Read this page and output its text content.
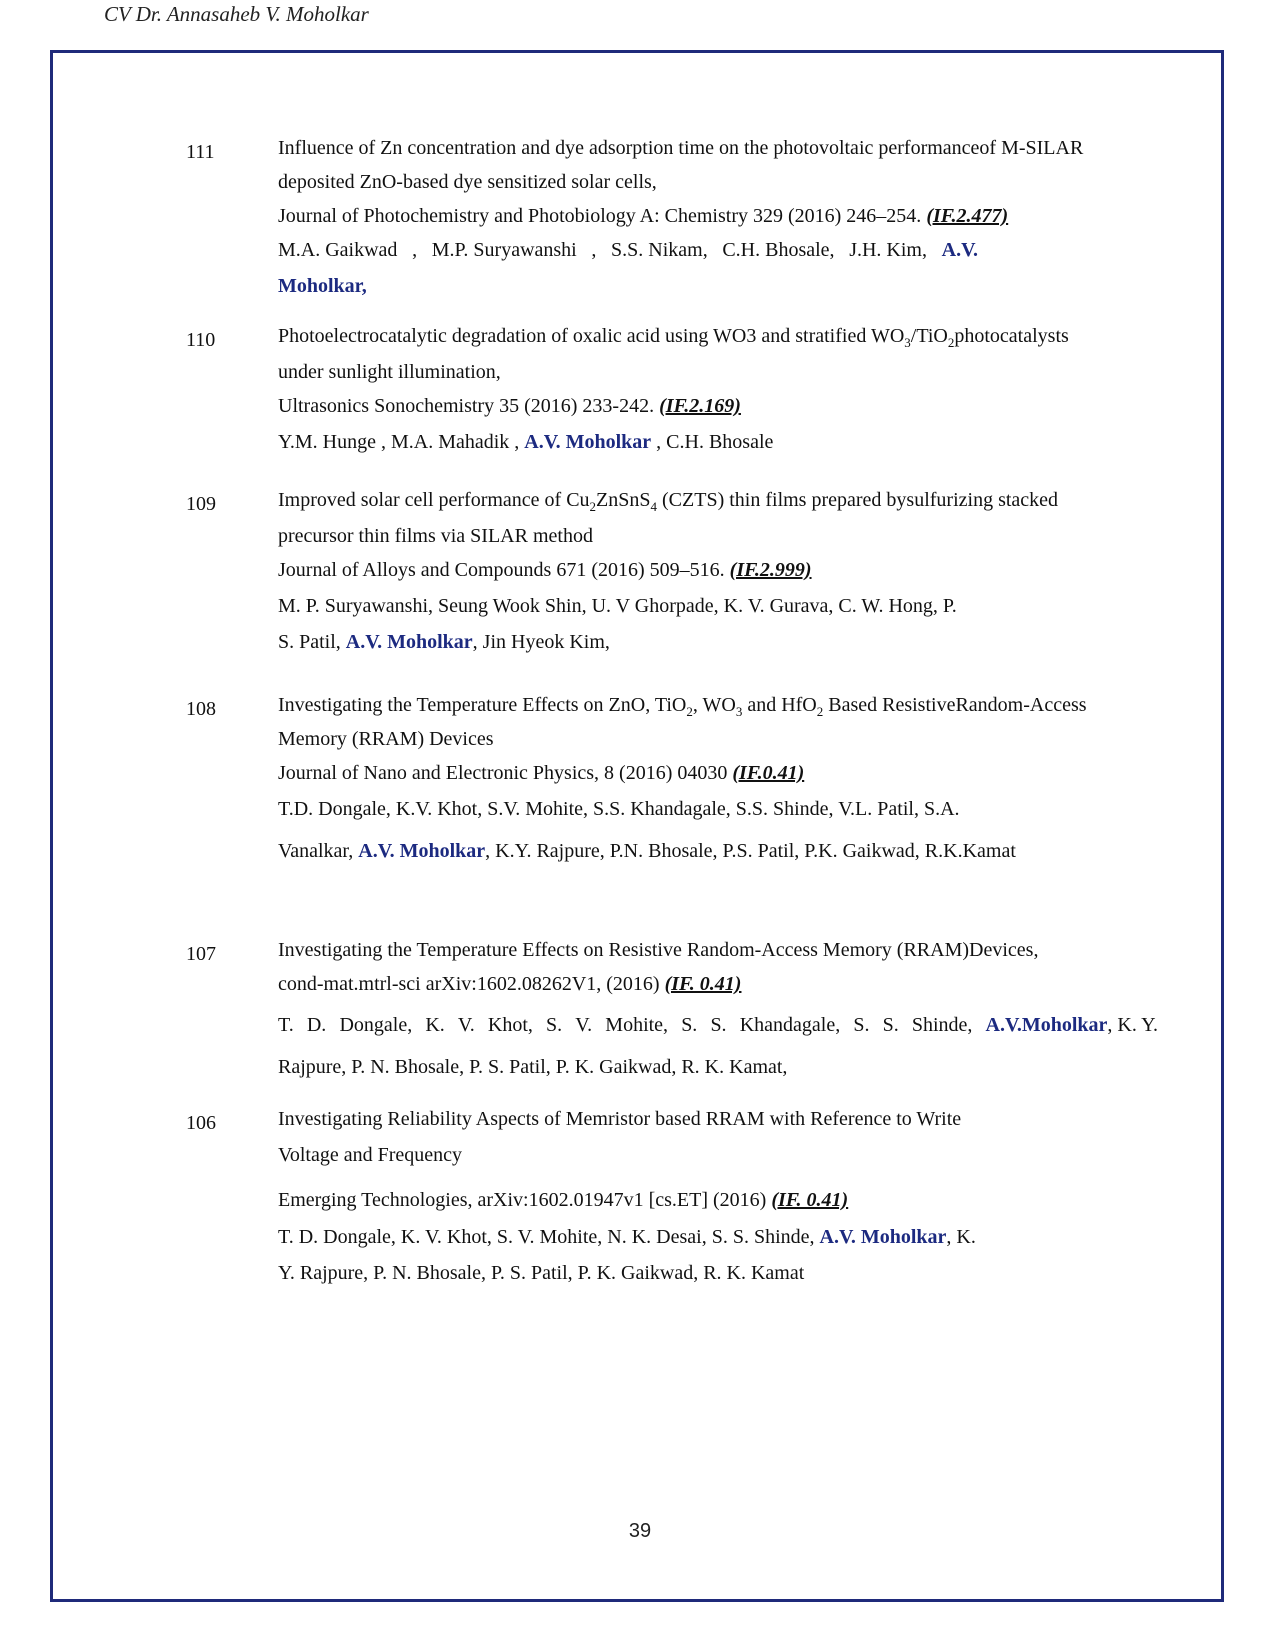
CV Dr. Annasaheb V. Moholkar
111	Influence of Zn concentration and dye adsorption time on the photovoltaic performanceof M-SILAR
deposited ZnO-based dye sensitized solar cells,
Journal of Photochemistry and Photobiology A: Chemistry 329 (2016) 246–254. (IF.2.477)
M.A. Gaikwad , M.P. Suryawanshi , S.S. Nikam, C.H. Bhosale, J.H. Kim, A.V.
Moholkar,
110	Photoelectrocatalytic degradation of oxalic acid using WO3 and stratified $WO_3/TiO_2photocatalysts$
under sunlight illumination,
Ultrasonics Sonochemistry 35 (2016) 233-242. (IF.2.169)
Y.M. Hunge , M.A. Mahadik , A.V. Moholkar , C.H. Bhosale
109	Improved solar cell performance of $Cu_2ZnSnS_4$ (CZTS) thin films prepared bysulfurizing stacked
precursor thin films via SILAR method
Journal of Alloys and Compounds 671 (2016) 509–516. (IF.2.999)
M. P. Suryawanshi, Seung Wook Shin, U. V Ghorpade, K. V. Gurava, C. W. Hong, P.
S. Patil, A.V. Moholkar, Jin Hyeok Kim,
108	Investigating the Temperature Effects on ZnO, TiO$_2$, $WO_3$ and HfO$_2$ Based ResistiveRandom-Access
Memory (RRAM) Devices
Journal of Nano and Electronic Physics, 8 (2016) 04030 (IF.0.41)
T.D. Dongale, K.V. Khot, S.V. Mohite, S.S. Khandagale, S.S. Shinde, V.L. Patil, S.A.
Vanalkar, A.V. Moholkar, K.Y. Rajpure, P.N. Bhosale, P.S. Patil, P.K. Gaikwad, R.K.Kamat
107	Investigating the Temperature Effects on Resistive Random-Access Memory (RRAM)Devices,
cond-mat.mtrl-sci arXiv:1602.08262V1, (2016) (IF. 0.41)
T. D. Dongale, K. V. Khot, S. V. Mohite, S. S. Khandagale, S. S. Shinde, A.V.Moholkar, K. Y.
Rajpure, P. N. Bhosale, P. S. Patil, P. K. Gaikwad, R. K. Kamat,
106	Investigating Reliability Aspects of Memristor based RRAM with Reference to Write
Voltage and Frequency
Emerging Technologies, arXiv:1602.01947v1 [cs.ET] (2016) (IF. 0.41)
T. D. Dongale, K. V. Khot, S. V. Mohite, N. K. Desai, S. S. Shinde, A.V. Moholkar, K.
Y. Rajpure, P. N. Bhosale, P. S. Patil, P. K. Gaikwad, R. K. Kamat
39
